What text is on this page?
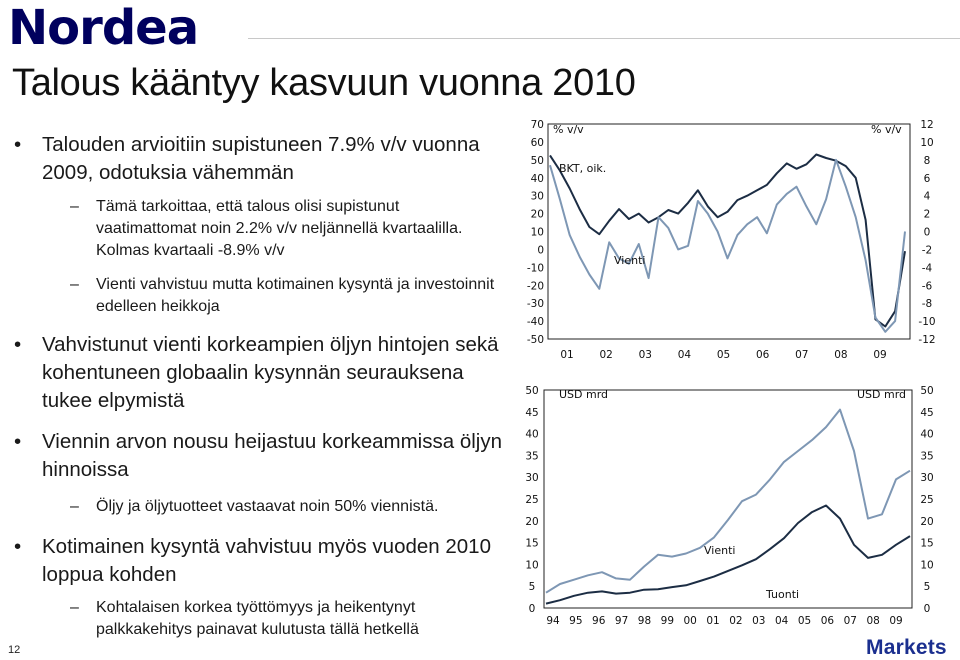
Nordea
Talous kääntyy kasvuun vuonna 2010
• Talouden arvioitiin supistuneen 7.9% v/v vuonna 2009, odotuksia vähemmän
– Tämä tarkoittaa, että talous olisi supistunut vaatimattomat noin 2.2% v/v neljännellä kvartaalilla. Kolmas kvartaali -8.9% v/v
– Vienti vahvistuu mutta kotimainen kysyntä ja investoinnit edelleen heikkoja
• Vahvistunut vienti korkeampien öljyn hintojen sekä kohentuneen globaalin kysynnän seurauksena tukee elpymistä
• Viennin arvon nousu heijastuu korkeammissa öljyn hinnoissa
– Öljy ja öljytuotteet vastaavat noin 50% viennistä.
• Kotimainen kysyntä vahvistuu myös vuoden 2010 loppua kohden
– Kohtalaisen korkea työttömyys ja heikentynyt palkkakehitys painavat kulutusta tällä hetkellä
70
60
50
40
30
20
10
0
-10
-20
-30
-40
-50
12
10
8
6
4
2
0
-2
-4
-6
-8
-10
-12
% v/v	% v/v
01 02 03 04 05 06 07 08 09
BKT, oik.
Vienti
50
45
40
35
30
25
20
15
10
5
0
50
45
40
35
30
25
20
15
10
5
0
USD mrd	USD mrd
94 95 96 97 98 99 00 01 02 03 04 05 06 07 08 09
Vienti
Tuonti
12	Markets
